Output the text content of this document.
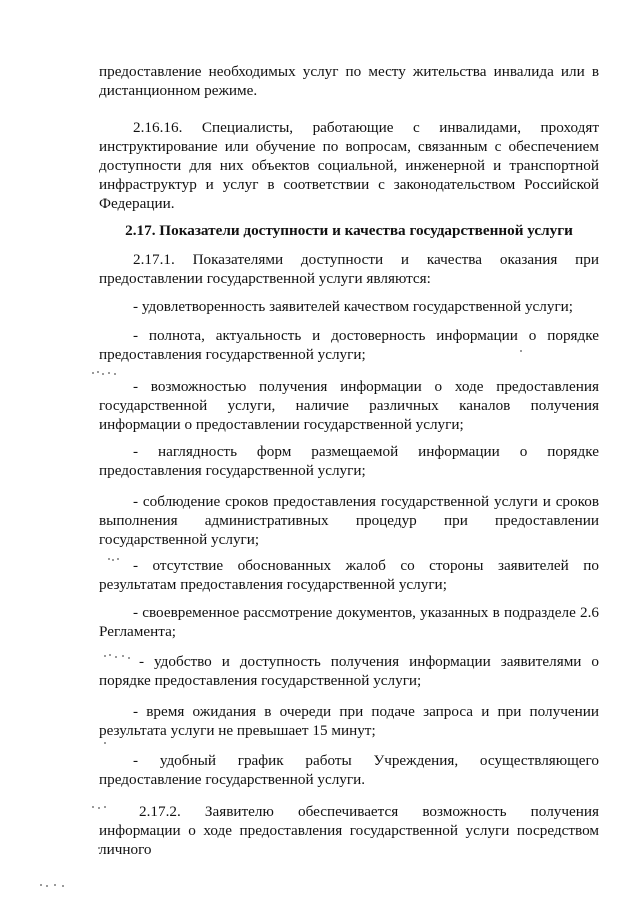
предоставление необходимых услуг по месту жительства инвалида или в дистанционном режиме.

2.16.16. Специалисты, работающие с инвалидами, проходят инструктирование или обучение по вопросам, связанным с обеспечением доступности для них объектов социальной, инженерной и транспортной инфраструктур и услуг в соответствии с законодательством Российской Федерации.

2.17. Показатели доступности и качества государственной услуги

2.17.1. Показателями доступности и качества оказания при предоставлении государственной услуги являются:

- удовлетворенность заявителей качеством государственной услуги;

- полнота, актуальность и достоверность информации о порядке предоставления государственной услуги;

- возможностью получения информации о ходе предоставления государственной услуги, наличие различных каналов получения информации о предоставлении государственной услуги;

- наглядность форм размещаемой информации о порядке предоставления государственной услуги;

- соблюдение сроков предоставления государственной услуги и сроков выполнения административных процедур при предоставлении государственной услуги;

- отсутствие обоснованных жалоб со стороны заявителей по результатам предоставления государственной услуги;

- своевременное рассмотрение документов, указанных в подразделе 2.6 Регламента;

- удобство и доступность получения информации заявителями о порядке предоставления государственной услуги;

- время ожидания в очереди при подаче запроса и при получении результата услуги не превышает 15 минут;

- удобный график работы Учреждения, осуществляющего предоставление государственной услуги.

2.17.2. Заявителю обеспечивается возможность получения информации о ходе предоставления государственной услуги посредством личного
